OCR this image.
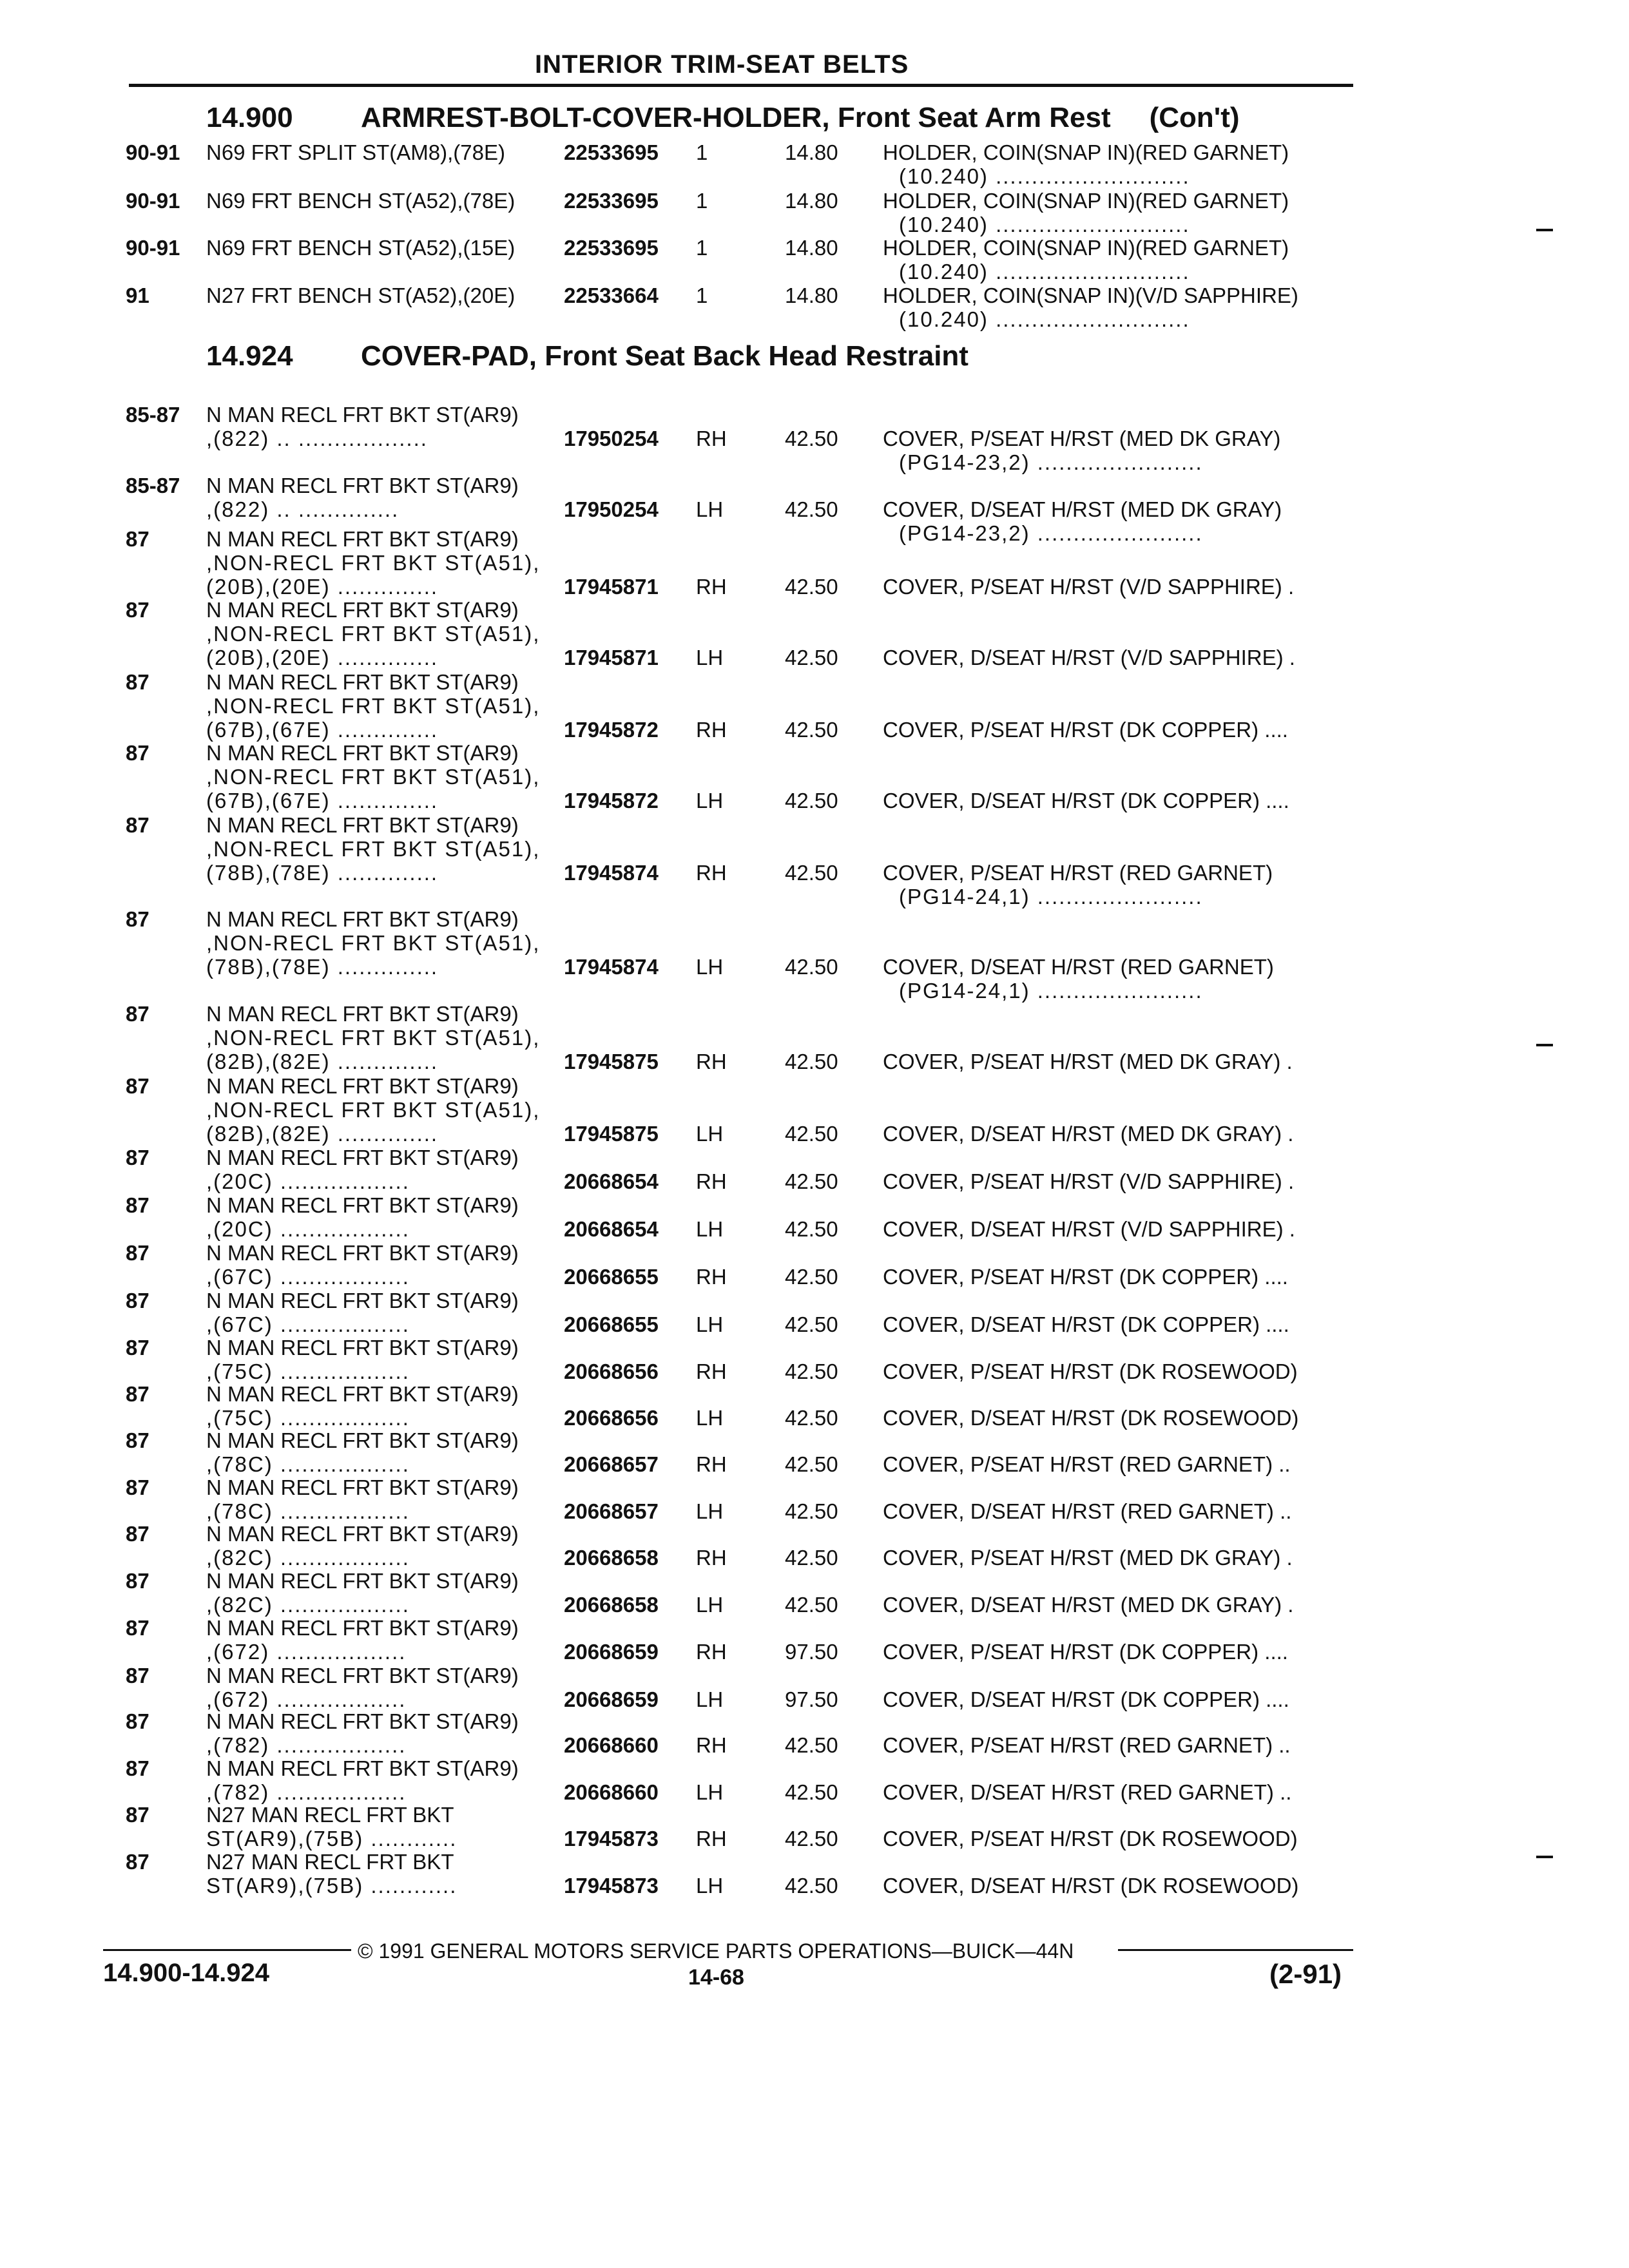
INTERIOR TRIM-SEAT BELTS
14.900 ARMREST-BOLT-COVER-HOLDER, Front Seat Arm Rest (Con't)
14.924 COVER-PAD, Front Seat Back Head Restraint
90-91 N69 FRT SPLIT ST(AM8),(78E)	22533695 1	14.80 HOLDER, COIN(SNAP IN)(RED GARNET)
(10.240) ...........................
90-91 N69 FRT BENCH ST(A52),(78E) 22533695 1	14.80 HOLDER, COIN(SNAP IN)(RED GARNET)
(10.240) ...........................
90-91 N69 FRT BENCH ST(A52),(15E) 22533695 1	14.80 HOLDER, COIN(SNAP IN)(RED GARNET)
(10.240) ...........................
91	N27 FRT BENCH ST(A52),(20E) 22533664 1	14.80 HOLDER, COIN(SNAP IN)(V/D SAPPHIRE)
(10.240) ...........................
85-87 N MAN RECL FRT BKT ST(AR9)
,(822) .. ..................	17950254 RH	42.50 COVER, P/SEAT H/RST (MED DK GRAY)
(PG14-23,2) .......................
85-87 N MAN RECL FRT BKT ST(AR9)
,(822) .. ..............	17950254 LH	42.50 COVER, D/SEAT H/RST (MED DK GRAY)
(PG14-23,2) .......................
87	N MAN RECL FRT BKT ST(AR9)
,NON-RECL FRT BKT ST(A51),
(20B),(20E) ..............	17945871 RH	42.50 COVER, P/SEAT H/RST (V/D SAPPHIRE) .
87	N MAN RECL FRT BKT ST(AR9)
,NON-RECL FRT BKT ST(A51),
(20B),(20E) ..............	17945871 LH	42.50 COVER, D/SEAT H/RST (V/D SAPPHIRE) .
87	N MAN RECL FRT BKT ST(AR9)
,NON-RECL FRT BKT ST(A51),
(67B),(67E) ..............	17945872 RH	42.50 COVER, P/SEAT H/RST (DK COPPER) ....
87	N MAN RECL FRT BKT ST(AR9)
,NON-RECL FRT BKT ST(A51),
(67B),(67E) ..............	17945872 LH	42.50 COVER, D/SEAT H/RST (DK COPPER) ....
87	N MAN RECL FRT BKT ST(AR9)
,NON-RECL FRT BKT ST(A51),
(78B),(78E) ..............	17945874 RH	42.50 COVER, P/SEAT H/RST (RED GARNET)
(PG14-24,1) .......................
87	N MAN RECL FRT BKT ST(AR9)
,NON-RECL FRT BKT ST(A51),
(78B),(78E) ..............	17945874 LH	42.50 COVER, D/SEAT H/RST (RED GARNET)
(PG14-24,1) .......................
87	N MAN RECL FRT BKT ST(AR9)
,NON-RECL FRT BKT ST(A51),
(82B),(82E) ..............	17945875 RH	42.50 COVER, P/SEAT H/RST (MED DK GRAY) .
87	N MAN RECL FRT BKT ST(AR9)
,NON-RECL FRT BKT ST(A51),
(82B),(82E) ..............	17945875 LH	42.50 COVER, D/SEAT H/RST (MED DK GRAY) .
87	N MAN RECL FRT BKT ST(AR9)
,(20C) ..................	20668654 RH	42.50 COVER, P/SEAT H/RST (V/D SAPPHIRE) .
87	N MAN RECL FRT BKT ST(AR9)
,(20C) ..................	20668654 LH	42.50 COVER, D/SEAT H/RST (V/D SAPPHIRE) .
87	N MAN RECL FRT BKT ST(AR9)
,(67C) ..................	20668655 RH	42.50 COVER, P/SEAT H/RST (DK COPPER) ....
87	N MAN RECL FRT BKT ST(AR9)
,(67C) ..................	20668655 LH	42.50 COVER, D/SEAT H/RST (DK COPPER) ....
87	N MAN RECL FRT BKT ST(AR9)
,(75C) ..................	20668656 RH	42.50 COVER, P/SEAT H/RST (DK ROSEWOOD)
87	N MAN RECL FRT BKT ST(AR9)
,(75C) ..................	20668656 LH	42.50 COVER, D/SEAT H/RST (DK ROSEWOOD)
87	N MAN RECL FRT BKT ST(AR9)
,(78C) ..................	20668657 RH	42.50 COVER, P/SEAT H/RST (RED GARNET) ..
87	N MAN RECL FRT BKT ST(AR9)
,(78C) ..................	20668657 LH	42.50 COVER, D/SEAT H/RST (RED GARNET) ..
87	N MAN RECL FRT BKT ST(AR9)
,(82C) ..................	20668658 RH	42.50 COVER, P/SEAT H/RST (MED DK GRAY) .
87	N MAN RECL FRT BKT ST(AR9)
,(82C) ..................	20668658 LH	42.50 COVER, D/SEAT H/RST (MED DK GRAY) .
87	N MAN RECL FRT BKT ST(AR9)
,(672) ..................	20668659 RH	97.50 COVER, P/SEAT H/RST (DK COPPER) ....
87	N MAN RECL FRT BKT ST(AR9)
,(672) ..................	20668659 LH	97.50 COVER, D/SEAT H/RST (DK COPPER) ....
87	N MAN RECL FRT BKT ST(AR9)
,(782) ..................	20668660 RH	42.50 COVER, P/SEAT H/RST (RED GARNET) ..
87	N MAN RECL FRT BKT ST(AR9)
,(782) ..................	20668660 LH	42.50 COVER, D/SEAT H/RST (RED GARNET) ..
87	N27 MAN RECL FRT BKT
ST(AR9),(75B) ............	17945873 RH	42.50 COVER, P/SEAT H/RST (DK ROSEWOOD)
87	N27 MAN RECL FRT BKT
ST(AR9),(75B) ............	17945873 LH	42.50 COVER, D/SEAT H/RST (DK ROSEWOOD)
© 1991 GENERAL MOTORS SERVICE PARTS OPERATIONS—BUICK—44N
14.900-14.924	14-68	(2-91)
